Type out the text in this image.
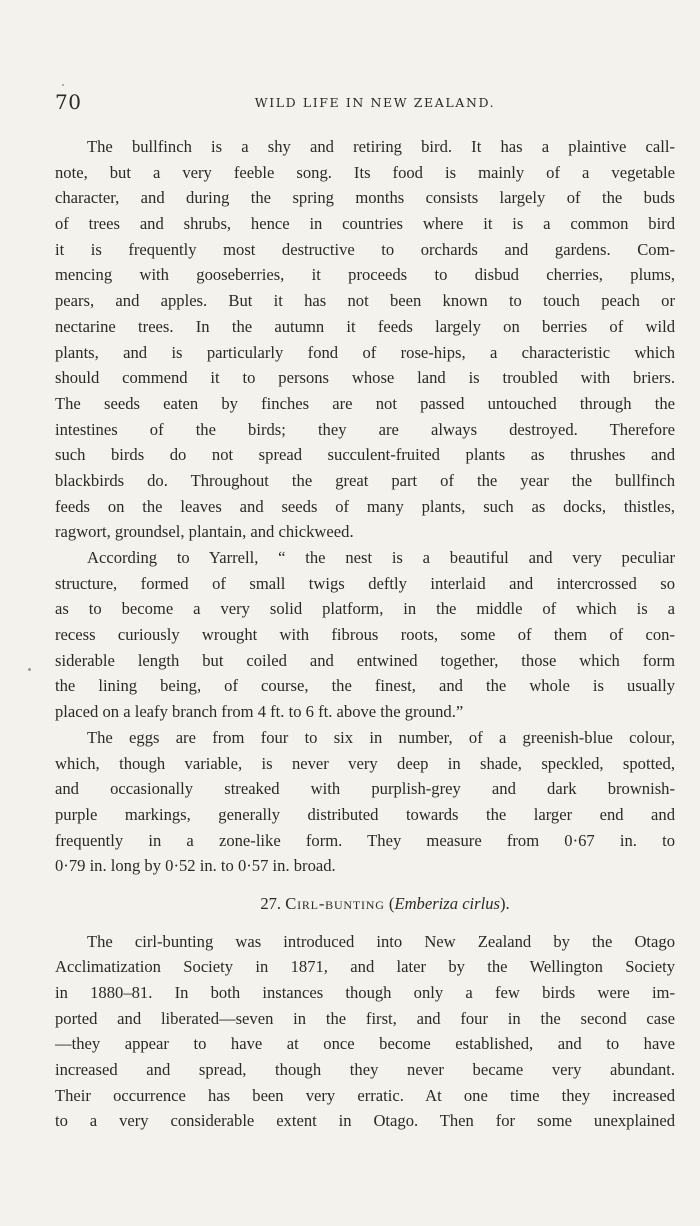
70	WILD LIFE IN NEW ZEALAND.
The bullfinch is a shy and retiring bird. It has a plaintive call-
note, but a very feeble song. Its food is mainly of a vegetable
character, and during the spring months consists largely of the buds
of trees and shrubs, hence in countries where it is a common bird
it is frequently most destructive to orchards and gardens. Com-
mencing with gooseberries, it proceeds to disbud cherries, plums,
pears, and apples. But it has not been known to touch peach or
nectarine trees. In the autumn it feeds largely on berries of wild
plants, and is particularly fond of rose-hips, a characteristic which
should commend it to persons whose land is troubled with briers.
The seeds eaten by finches are not passed untouched through the
intestines of the birds; they are always destroyed. Therefore
such birds do not spread succulent-fruited plants as thrushes and
blackbirds do. Throughout the great part of the year the bullfinch
feeds on the leaves and seeds of many plants, such as docks, thistles,
ragwort, groundsel, plantain, and chickweed.
According to Yarrell, “ the nest is a beautiful and very peculiar
structure, formed of small twigs deftly interlaid and intercrossed so
as to become a very solid platform, in the middle of which is a
recess curiously wrought with fibrous roots, some of them of con-
siderable length but coiled and entwined together, those which form
the lining being, of course, the finest, and the whole is usually
placed on a leafy branch from 4 ft. to 6 ft. above the ground.”
The eggs are from four to six in number, of a greenish-blue colour,
which, though variable, is never very deep in shade, speckled, spotted,
and occasionally streaked with purplish-grey and dark brownish-
purple markings, generally distributed towards the larger end and
frequently in a zone-like form. They measure from 0·67 in. to
0·79 in. long by 0·52 in. to 0·57 in. broad.
27. Cirl-bunting (Emberiza cirlus).
The cirl-bunting was introduced into New Zealand by the Otago
Acclimatization Society in 1871, and later by the Wellington Society
in 1880–81. In both instances though only a few birds were im-
ported and liberated—seven in the first, and four in the second case
—they appear to have at once become established, and to have
increased and spread, though they never became very abundant.
Their occurrence has been very erratic. At one time they increased
to a very considerable extent in Otago. Then for some unexplained
